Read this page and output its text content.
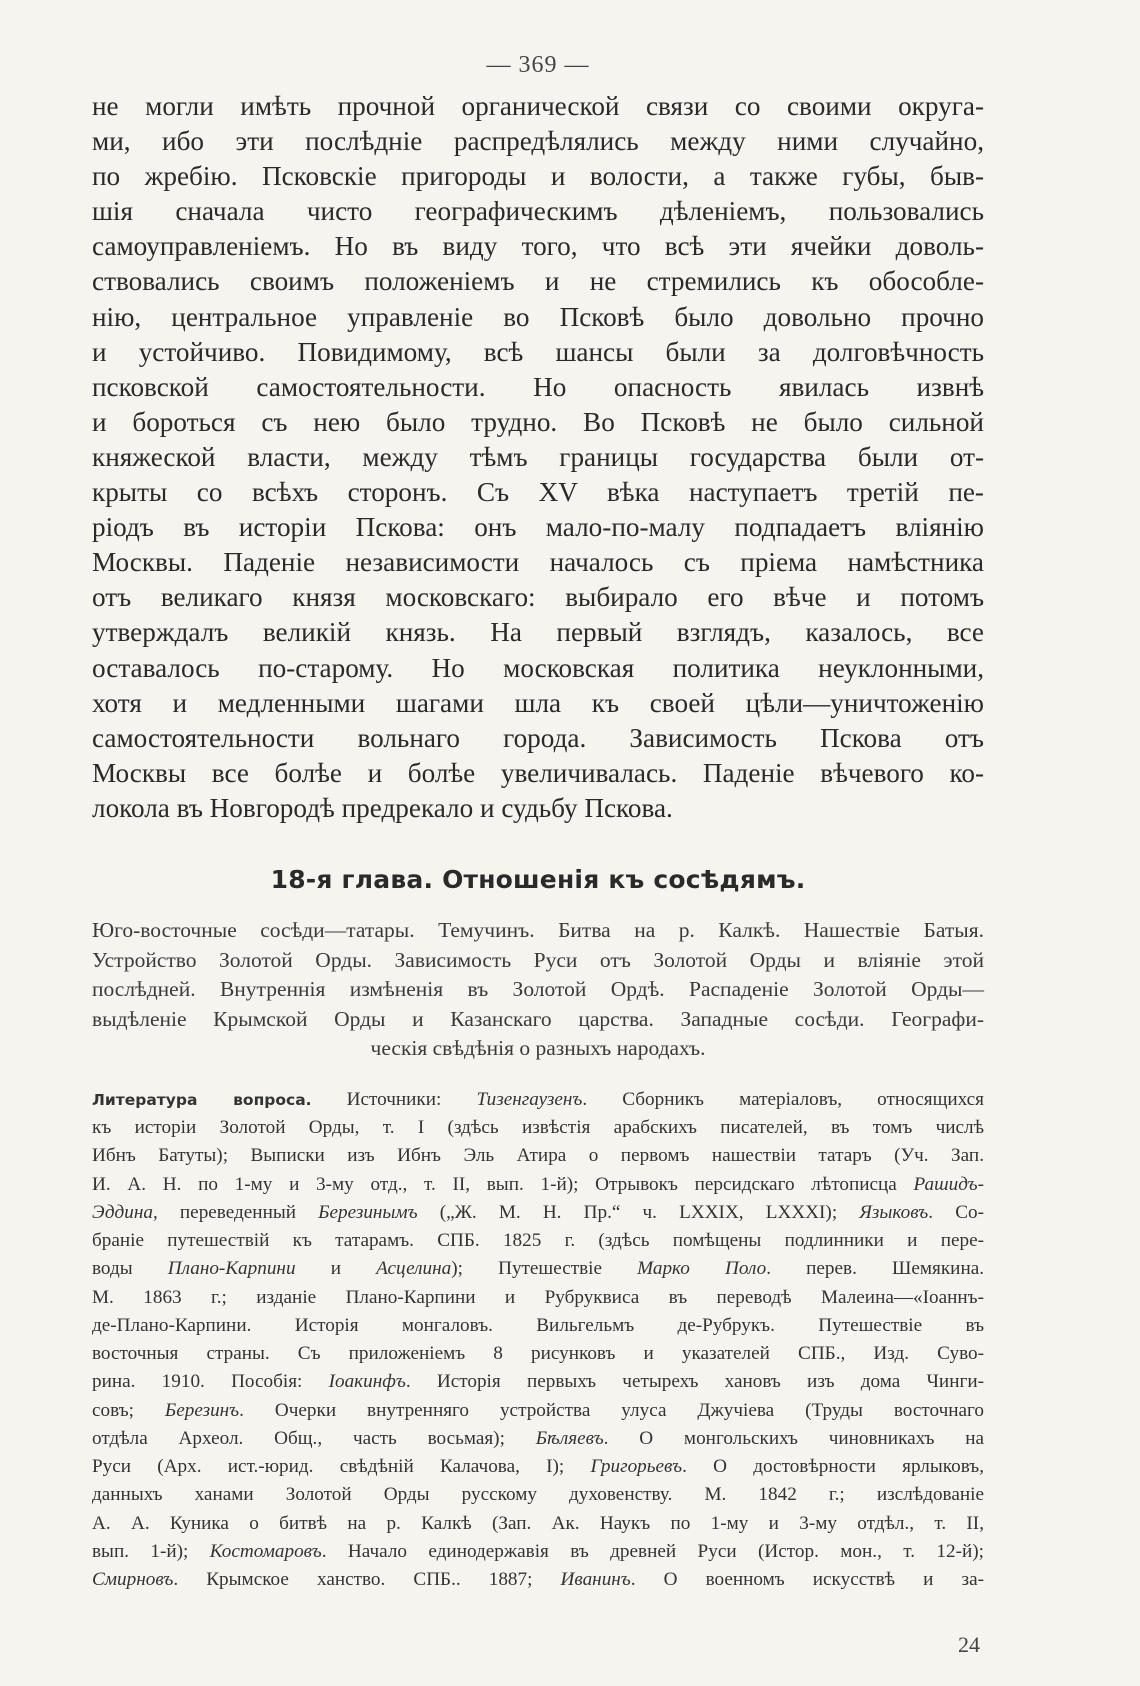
— 369 —
не могли имѣть прочной органической связи со своими округа-
ми, ибо эти послѣдніе распредѣлялись между ними случайно,
по жребію. Псковскіе пригороды и волости, а также губы, быв-
шія сначала чисто географическимъ дѣленіемъ, пользовались
самоуправленіемъ. Но въ виду того, что всѣ эти ячейки доволь-
ствовались своимъ положеніемъ и не стремились къ обособле-
нію, центральное управленіе во Псковѣ было довольно прочно
и устойчиво. Повидимому, всѣ шансы были за долговѣчность
псковской самостоятельности. Но опасность явилась извнѣ
и бороться съ нею было трудно. Во Псковѣ не было сильной
княжеской власти, между тѣмъ границы государства были от-
крыты со всѣхъ сторонъ. Съ XV вѣка наступаетъ третій пе-
ріодъ въ исторіи Пскова: онъ мало-по-малу подпадаетъ вліянію
Москвы. Паденіе независимости началось съ пріема намѣстника
отъ великаго князя московскаго: выбирало его вѣче и потомъ
утверждалъ великій князь. На первый взглядъ, казалось, все
оставалось по-старому. Но московская политика неуклонными,
хотя и медленными шагами шла къ своей цѣли—уничтоженію
самостоятельности вольнаго города. Зависимость Пскова отъ
Москвы все болѣе и болѣе увеличивалась. Паденіе вѣчевого ко-
локола въ Новгородѣ предрекало и судьбу Пскова.
18-я глава. Отношенія къ сосѣдямъ.
Юго-восточные сосѣди—татары. Темучинъ. Битва на р. Калкѣ. Нашествіе Батыя.
Устройство Золотой Орды. Зависимость Руси отъ Золотой Орды и вліяніе этой
послѣдней. Внутреннія измѣненія въ Золотой Ордѣ. Распаденіе Золотой Орды—
выдѣленіе Крымской Орды и Казанскаго царства. Западные сосѣди. Географи-
ческія свѣдѣнія о разныхъ народахъ.
Литература вопроса. Источники: Тизенгаузенъ. Сборникъ матеріаловъ, относящихся
къ исторіи Золотой Орды, т. I (здѣсь извѣстія арабскихъ писателей, въ томъ числѣ
Ибнъ Батуты); Выписки изъ Ибнъ Эль Атира о первомъ нашествіи татаръ (Уч. Зап.
И. А. Н. по 1-му и 3-му отд., т. II, вып. 1-й); Отрывокъ персидскаго лѣтописца Рашидъ-
Эддина, переведенный Березинымъ („Ж. М. Н. Пр.“ ч. LXXIX, LXXXI); Языковъ. Со-
браніе путешествій къ татарамъ. СПБ. 1825 г. (здѣсь помѣщены подлинники и пере-
воды Плано-Карпини и Асцелина); Путешествіе Марко Поло. перев. Шемякина.
М. 1863 г.; изданіе Плано-Карпини и Рубруквиса въ переводѣ Малеина—«Іоаннъ-
де-Плано-Карпини. Исторія монгаловъ. Вильгельмъ де-Рубрукъ. Путешествіе въ
восточныя страны. Съ приложеніемъ 8 рисунковъ и указателей СПБ., Изд. Суво-
рина. 1910. Пособія: Іоакинфъ. Исторія первыхъ четырехъ хановъ изъ дома Чинги-
совъ; Березинъ. Очерки внутренняго устройства улуса Джучіева (Труды восточнаго
отдѣла Археол. Общ., часть восьмая); Бѣляевъ. О монгольскихъ чиновникахъ на
Руси (Арх. ист.-юрид. свѣдѣній Калачова, I); Григорьевъ. О достовѣрности ярлыковъ,
данныхъ ханами Золотой Орды русскому духовенству. М. 1842 г.; изслѣдованіе
А. А. Куника о битвѣ на р. Калкѣ (Зап. Ак. Наукъ по 1-му и 3-му отдѣл., т. II,
вып. 1-й); Костомаровъ. Начало единодержавія въ древней Руси (Истор. мон., т. 12-й);
Смирновъ. Крымское ханство. СПБ.. 1887; Иванинъ. О военномъ искусствѣ и за-
24
